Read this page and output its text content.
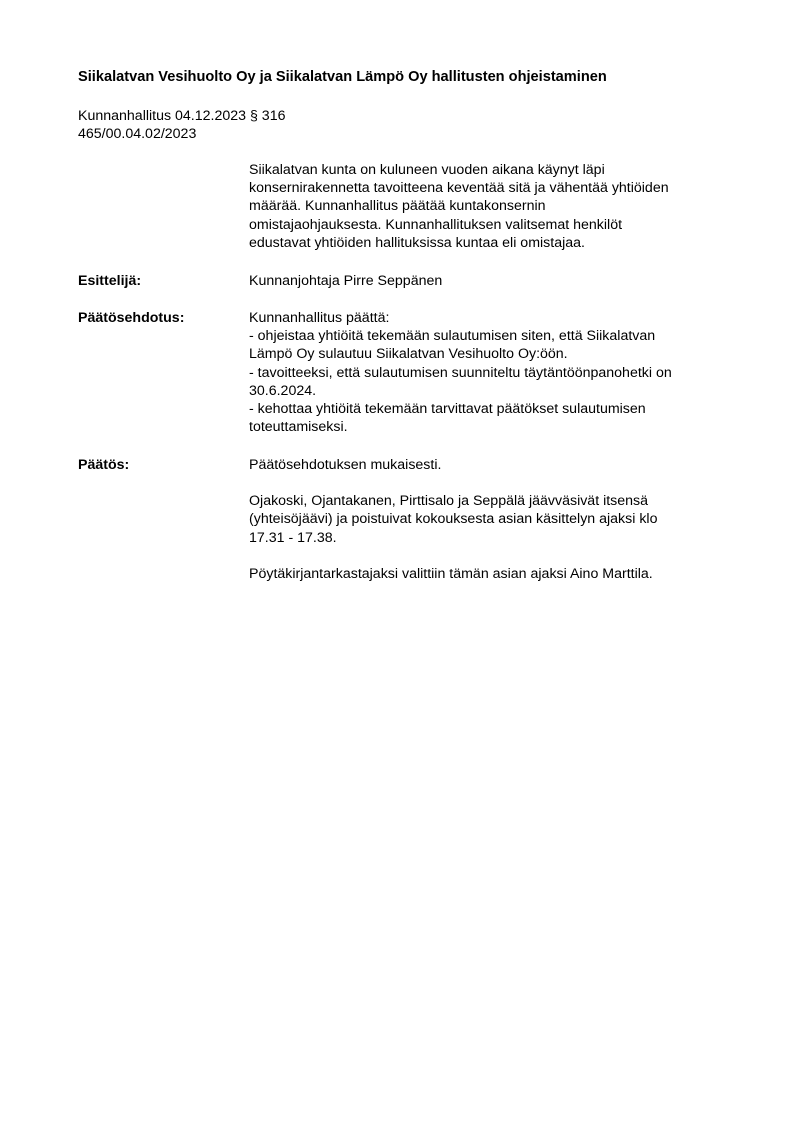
Siikalatvan Vesihuolto Oy ja Siikalatvan Lämpö Oy hallitusten ohjeistaminen
Kunnanhallitus 04.12.2023 § 316
465/00.04.02/2023

Siikalatvan kunta on kuluneen vuoden aikana käynyt läpi

konsernirakennetta tavoitteena keventää sitä ja vähentää yhtiöiden

määrää. Kunnanhallitus päätää kuntakonsernin

omistajaohjauksesta. Kunnanhallituksen valitsemat henkilöt

edustavat yhtiöiden hallituksissa kuntaa eli omistajaa.

Esittelijä:	Kunnanjohtaja Pirre Seppänen
Päätösehdotus:	Kunnanhallitus päättä:

- ohjeistaa yhtiöitä tekemään sulautumisen siten, että Siikalatvan

Lämpö Oy sulautuu Siikalatvan Vesihuolto Oy:öön.

- tavoitteeksi, että sulautumisen suunniteltu täytäntöönpanohetki on

30.6.2024.

- kehottaa yhtiöitä tekemään tarvittavat päätökset sulautumisen

toteuttamiseksi.

Päätös:	Päätösehdotuksen mukaisesti.

Ojakoski, Ojantakanen, Pirttisalo ja Seppälä jäävväsivät itsensä

(yhteisöjäävi) ja poistuivat kokouksesta asian käsittelyn ajaksi klo

17.31 - 17.38.

Pöytäkirjantarkastajaksi valittiin tämän asian ajaksi Aino Marttila.
